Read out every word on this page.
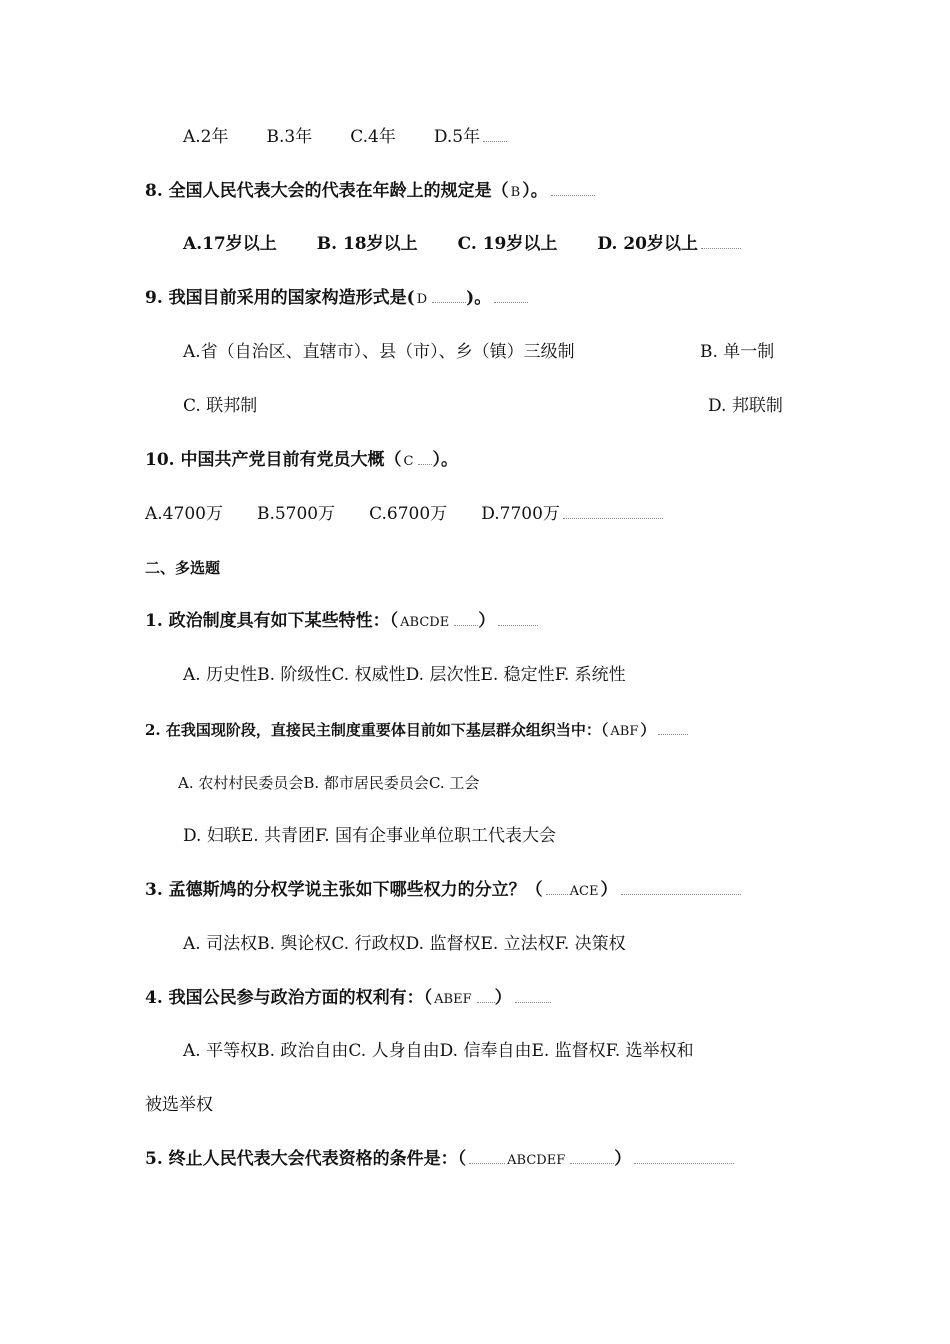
A.2年 B.3年 C.4年 D.5年
8. 全国人民代表大会的代表在年龄上的规定是（ B ）。
A.17岁以上 B. 18岁以上 C. 19岁以上 D. 20岁以上
9. 我国目前采用的国家构造形式是( D )。
A.省（自治区、直辖市）、县（市）、乡（镇）三级制	B. 单一制
C. 联邦制	D. 邦联制
10. 中国共产党目前有党员大概（ C ）。
A.4700万 B.5700万 C.6700万 D.7700万
二、多选题
1. 政治制度具有如下某些特性：（ ABCDE ）
A. 历史性B. 阶级性C. 权威性D. 层次性E. 稳定性F. 系统性
2. 在我国现阶段，直接民主制度重要体目前如下基层群众组织当中：（ ABF ）
A. 农村村民委员会B. 都市居民委员会C. 工会
D. 妇联E. 共青团F. 国有企事业单位职工代表大会
3. 孟德斯鸠的分权学说主张如下哪些权力的分立？（ ACE ）
A. 司法权B. 舆论权C. 行政权D. 监督权E. 立法权F. 决策权
4. 我国公民参与政治方面的权利有：（ ABEF ）
A. 平等权B. 政治自由C. 人身自由D. 信奉自由E. 监督权F. 选举权和
被选举权
5. 终止人民代表大会代表资格的条件是：（	ABCDEF	）
